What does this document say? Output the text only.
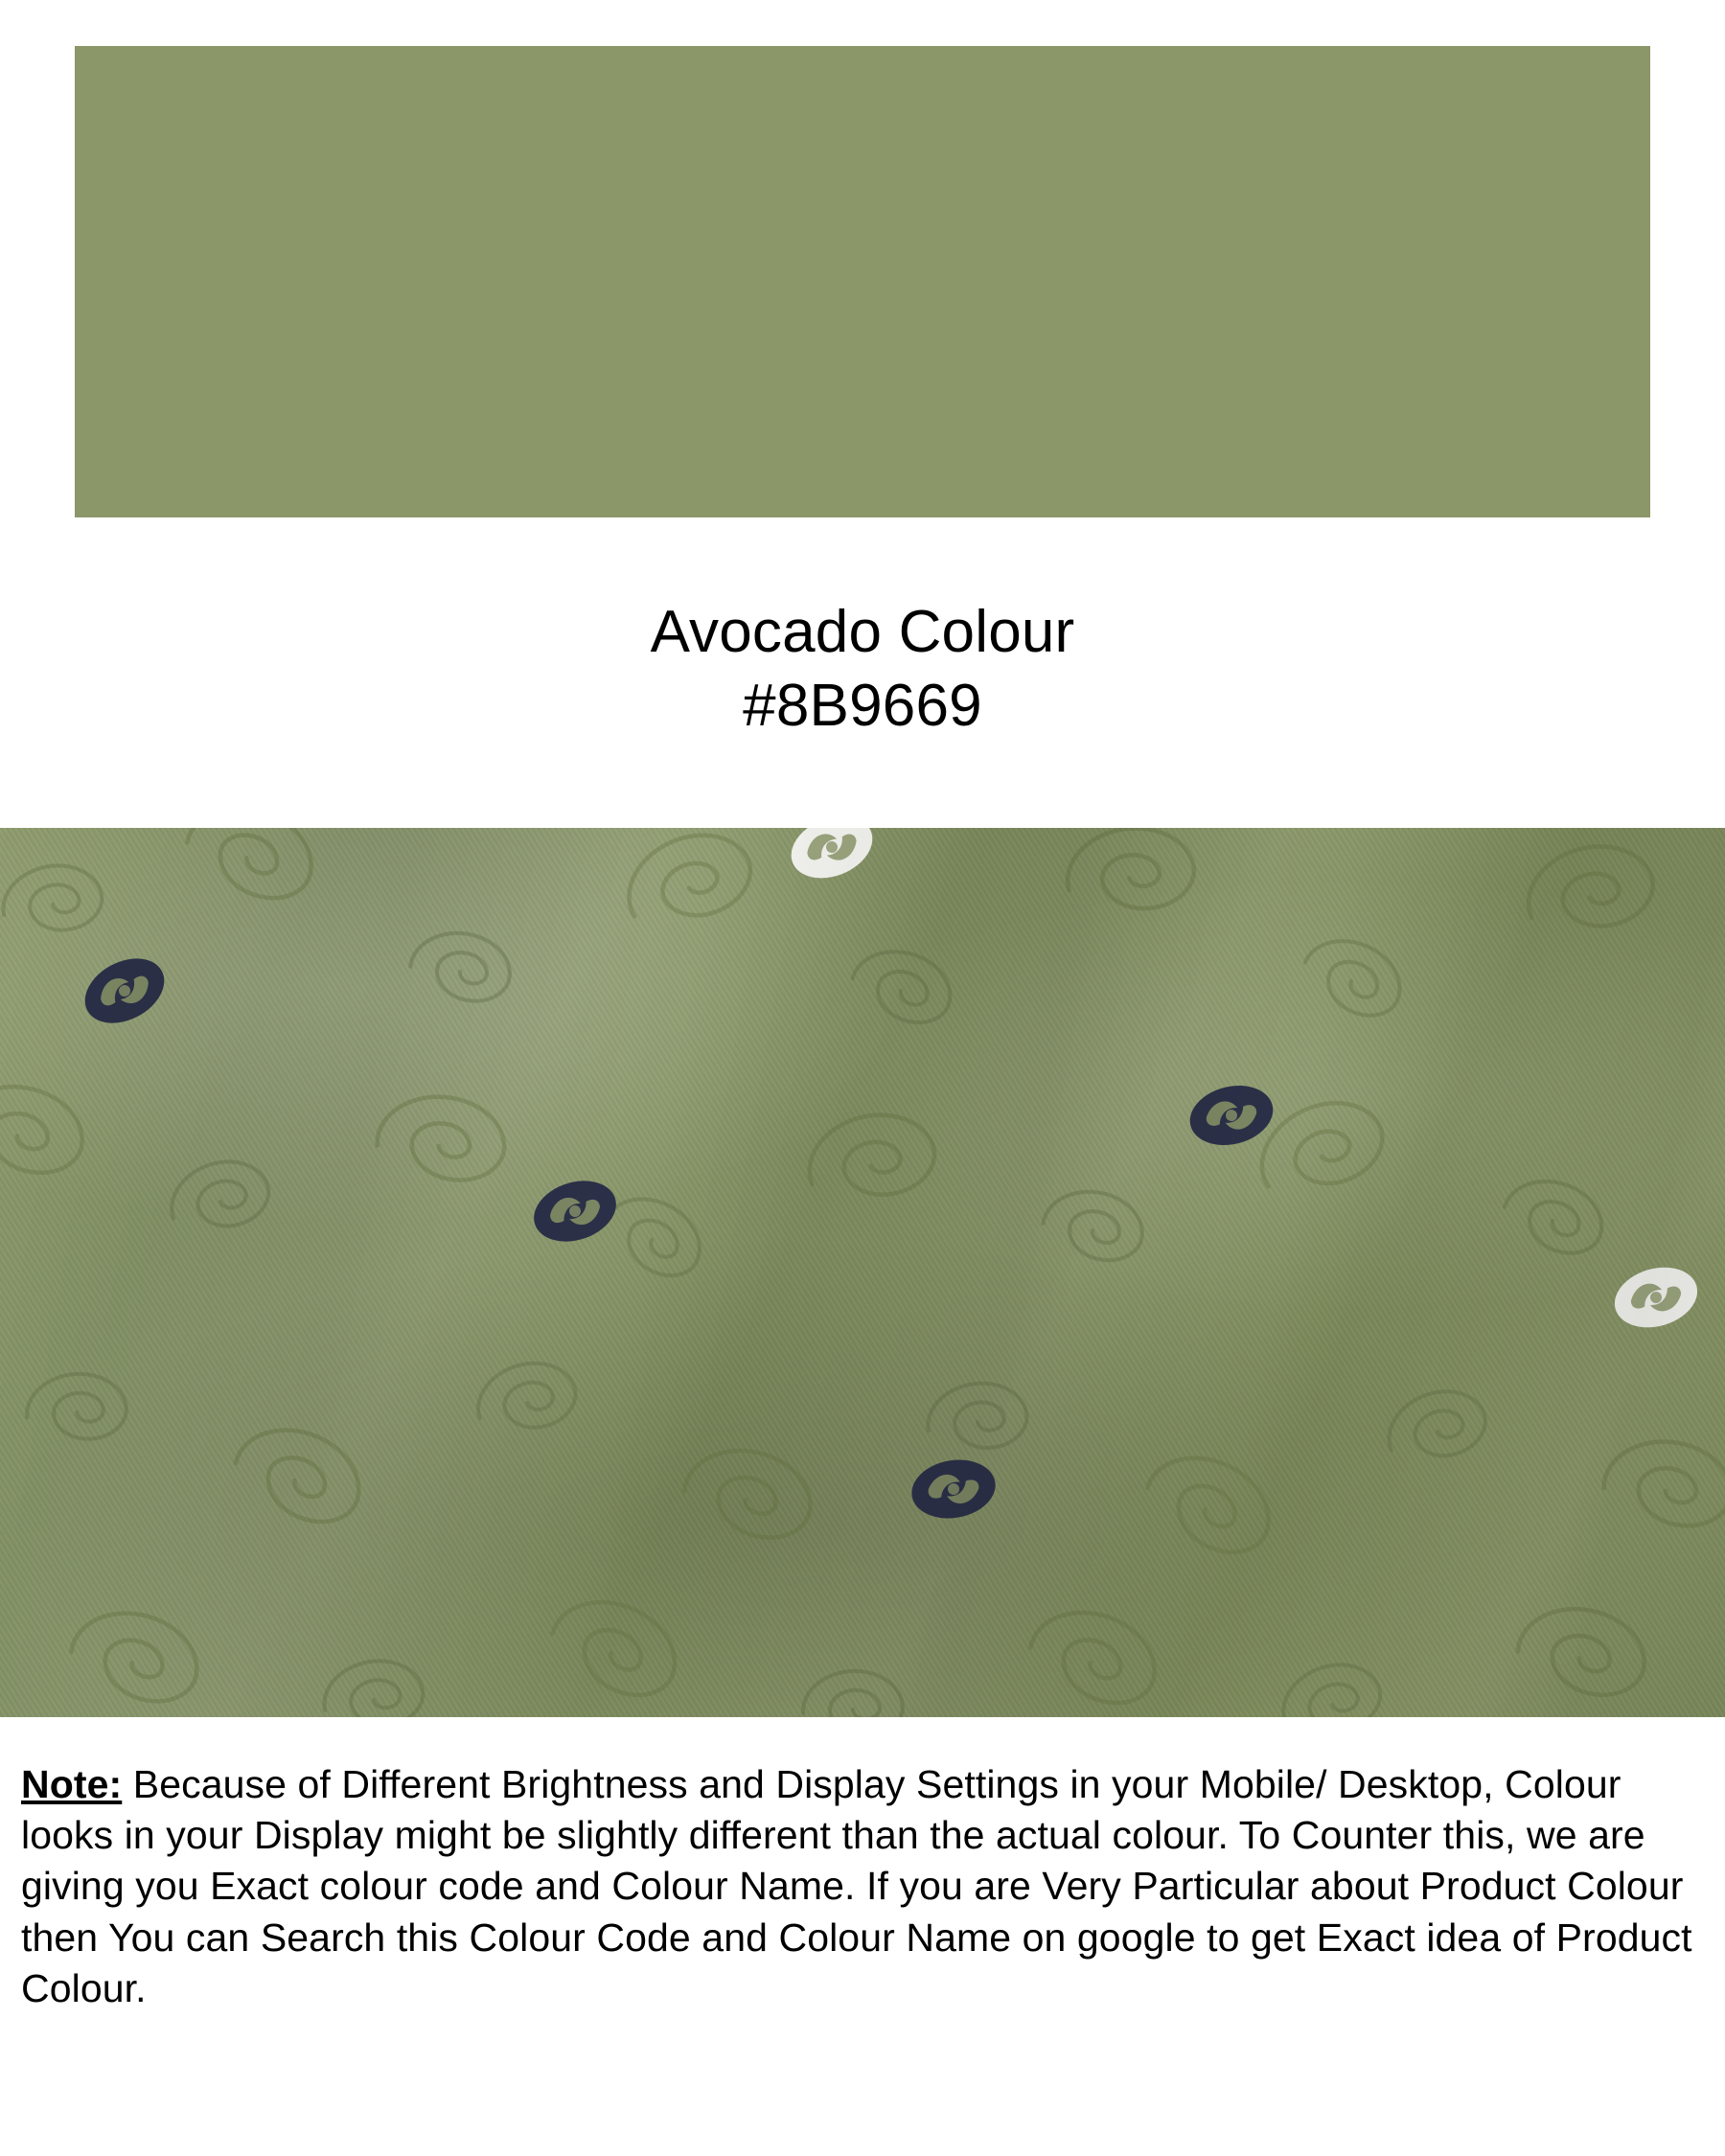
Avocado Colour
#8B9669

Note: Because of Different Brightness and Display Settings in your Mobile/ Desktop, Colour looks in your Display might be slightly different than the actual colour. To Counter this, we are giving you Exact colour code and Colour Name. If you are Very Particular about Product Colour then You can Search this Colour Code and Colour Name on google to get Exact idea of Product Colour.
